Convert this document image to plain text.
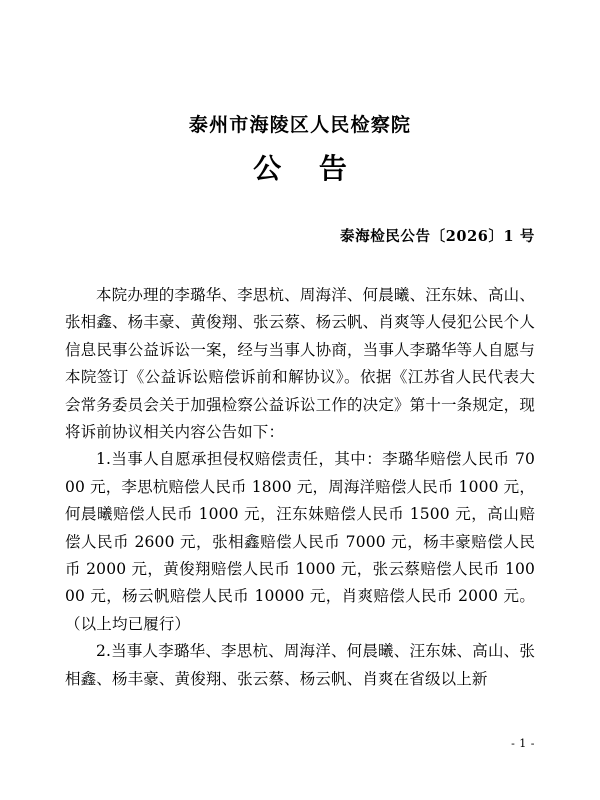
泰州市海陵区人民检察院
公 告
泰海检民公告〔2026〕1 号

本院办理的李璐华、李思杭、周海洋、何晨曦、汪东妹、高山、张相鑫、杨丰豪、黄俊翔、张云蔡、杨云帆、肖爽等人侵犯公民个人信息民事公益诉讼一案，经与当事人协商，当事人李璐华等人自愿与本院签订《公益诉讼赔偿诉前和解协议》。依据《江苏省人民代表大会常务委员会关于加强检察公益诉讼工作的决定》第十一条规定，现将诉前协议相关内容公告如下：

1.当事人自愿承担侵权赔偿责任，其中：李璐华赔偿人民币 7000 元，李思杭赔偿人民币 1800 元，周海洋赔偿人民币 1000 元，何晨曦赔偿人民币 1000 元，汪东妹赔偿人民币 1500 元，高山赔偿人民币 2600 元，张相鑫赔偿人民币 7000 元，杨丰豪赔偿人民币 2000 元，黄俊翔赔偿人民币 1000 元，张云蔡赔偿人民币 10000 元，杨云帆赔偿人民币 10000 元，肖爽赔偿人民币 2000 元。（以上均已履行）

2.当事人李璐华、李思杭、周海洋、何晨曦、汪东妹、高山、张相鑫、杨丰豪、黄俊翔、张云蔡、杨云帆、肖爽在省级以上新

- 1 -
